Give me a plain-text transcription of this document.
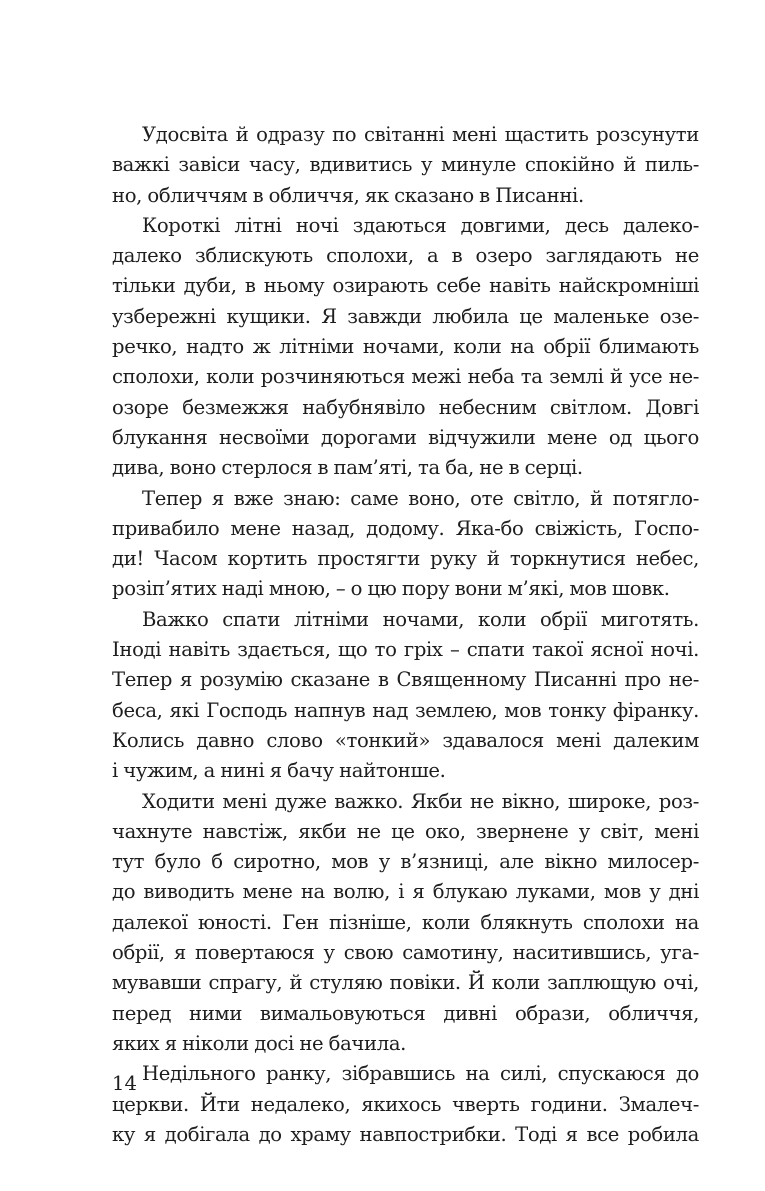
Удосвіта й одразу по світанні мені щастить розсунути
важкі завіси часу, вдивитись у минуле спокійно й пиль-
но, обличчям в обличчя, як сказано в Писанні.
Короткі літні ночі здаються довгими, десь далеко-
далеко зблискують сполохи, а в озеро заглядають не
тільки дуби, в ньому озирають себе навіть найскромніші
узбережні кущики. Я завжди любила це маленьке озе-
речко, надто ж літніми ночами, коли на обрії блимають
сполохи, коли розчиняються межі неба та землі й усе не-
озоре безмежжя набубнявіло небесним світлом. Довгі
блукання несвоїми дорогами відчужили мене од цього
дива, воно стерлося в пам’яті, та ба, не в серці.
Тепер я вже знаю: саме воно, оте світло, й потягло-
привабило мене назад, додому. Яка-бо свіжість, Госпо-
ди! Часом кортить простягти руку й торкнутися небес,
розіп’ятих наді мною, – о цю пору вони м’які, мов шовк.
Важко спати літніми ночами, коли обрії миготять.
Іноді навіть здається, що то гріх – спати такої ясної ночі.
Тепер я розумію сказане в Священному Писанні про не-
беса, які Господь напнув над землею, мов тонку фіранку.
Колись давно слово «тонкий» здавалося мені далеким
і чужим, а нині я бачу найтонше.
Ходити мені дуже важко. Якби не вікно, широке, роз-
чахнуте навстіж, якби не це око, звернене у світ, мені
тут було б сиротно, мов у в’язниці, але вікно милосер-
до виводить мене на волю, і я блукаю луками, мов у дні
далекої юності. Ген пізніше, коли блякнуть сполохи на
обрії, я повертаюся у свою самотину, наситившись, уга-
мувавши спрагу, й стуляю повіки. Й коли заплющую очі,
перед ними вимальовуються дивні образи, обличчя,
яких я ніколи досі не бачила.
Недільного ранку, зібравшись на силі, спускаюся до
церкви. Йти недалеко, якихось чверть години. Змалеч-
ку я добігала до храму навпострибки. Тоді я все робила
14
